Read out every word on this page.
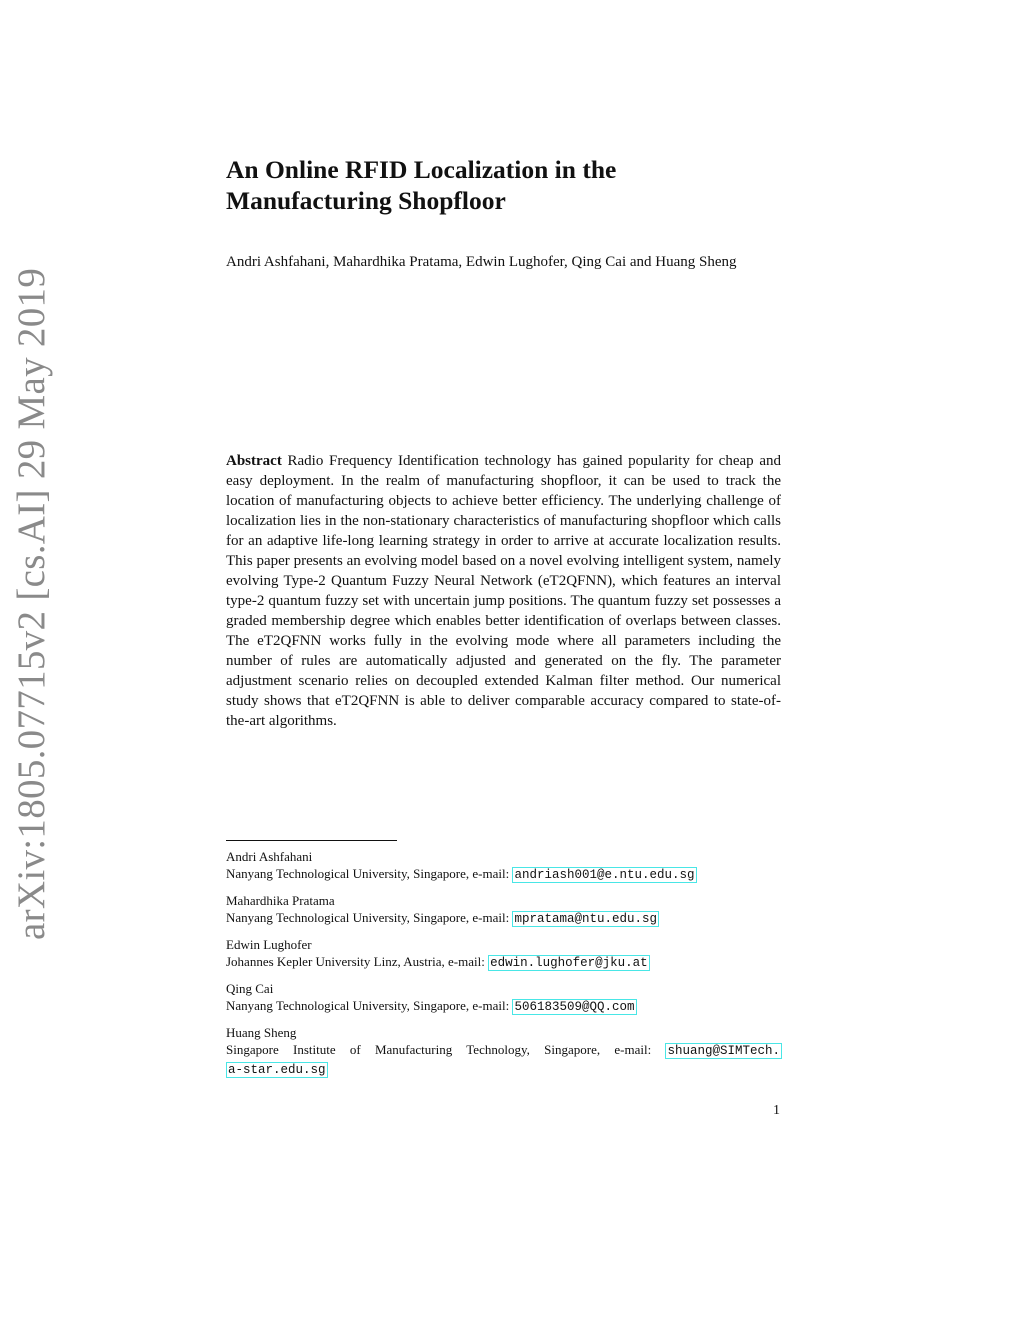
arXiv:1805.07715v2 [cs.AI] 29 May 2019
An Online RFID Localization in the
Manufacturing Shopfloor
Andri Ashfahani, Mahardhika Pratama, Edwin Lughofer, Qing Cai and Huang Sheng
Abstract Radio Frequency Identification technology has gained popularity for cheap and easy deployment. In the realm of manufacturing shopfloor, it can be used to track the location of manufacturing objects to achieve better efficiency. The underlying challenge of localization lies in the non-stationary characteristics of manufacturing shopfloor which calls for an adaptive life-long learning strategy in order to arrive at accurate localization results. This paper presents an evolving model based on a novel evolving intelligent system, namely evolving Type-2 Quantum Fuzzy Neural Network (eT2QFNN), which features an interval type-2 quantum fuzzy set with uncertain jump positions. The quantum fuzzy set possesses a graded membership degree which enables better identification of overlaps between classes. The eT2QFNN works fully in the evolving mode where all parameters including the number of rules are automatically adjusted and generated on the fly. The parameter adjustment scenario relies on decoupled extended Kalman filter method. Our numerical study shows that eT2QFNN is able to deliver comparable accuracy compared to state-of-the-art algorithms.
Andri Ashfahani
Nanyang Technological University, Singapore, e-mail: andriash001@e.ntu.edu.sg
Mahardhika Pratama
Nanyang Technological University, Singapore, e-mail: mpratama@ntu.edu.sg
Edwin Lughofer
Johannes Kepler University Linz, Austria, e-mail: edwin.lughofer@jku.at
Qing Cai
Nanyang Technological University, Singapore, e-mail: 506183509@QQ.com
Huang Sheng
Singapore Institute of Manufacturing Technology, Singapore, e-mail: shuang@SIMTech.
a-star.edu.sg
1
